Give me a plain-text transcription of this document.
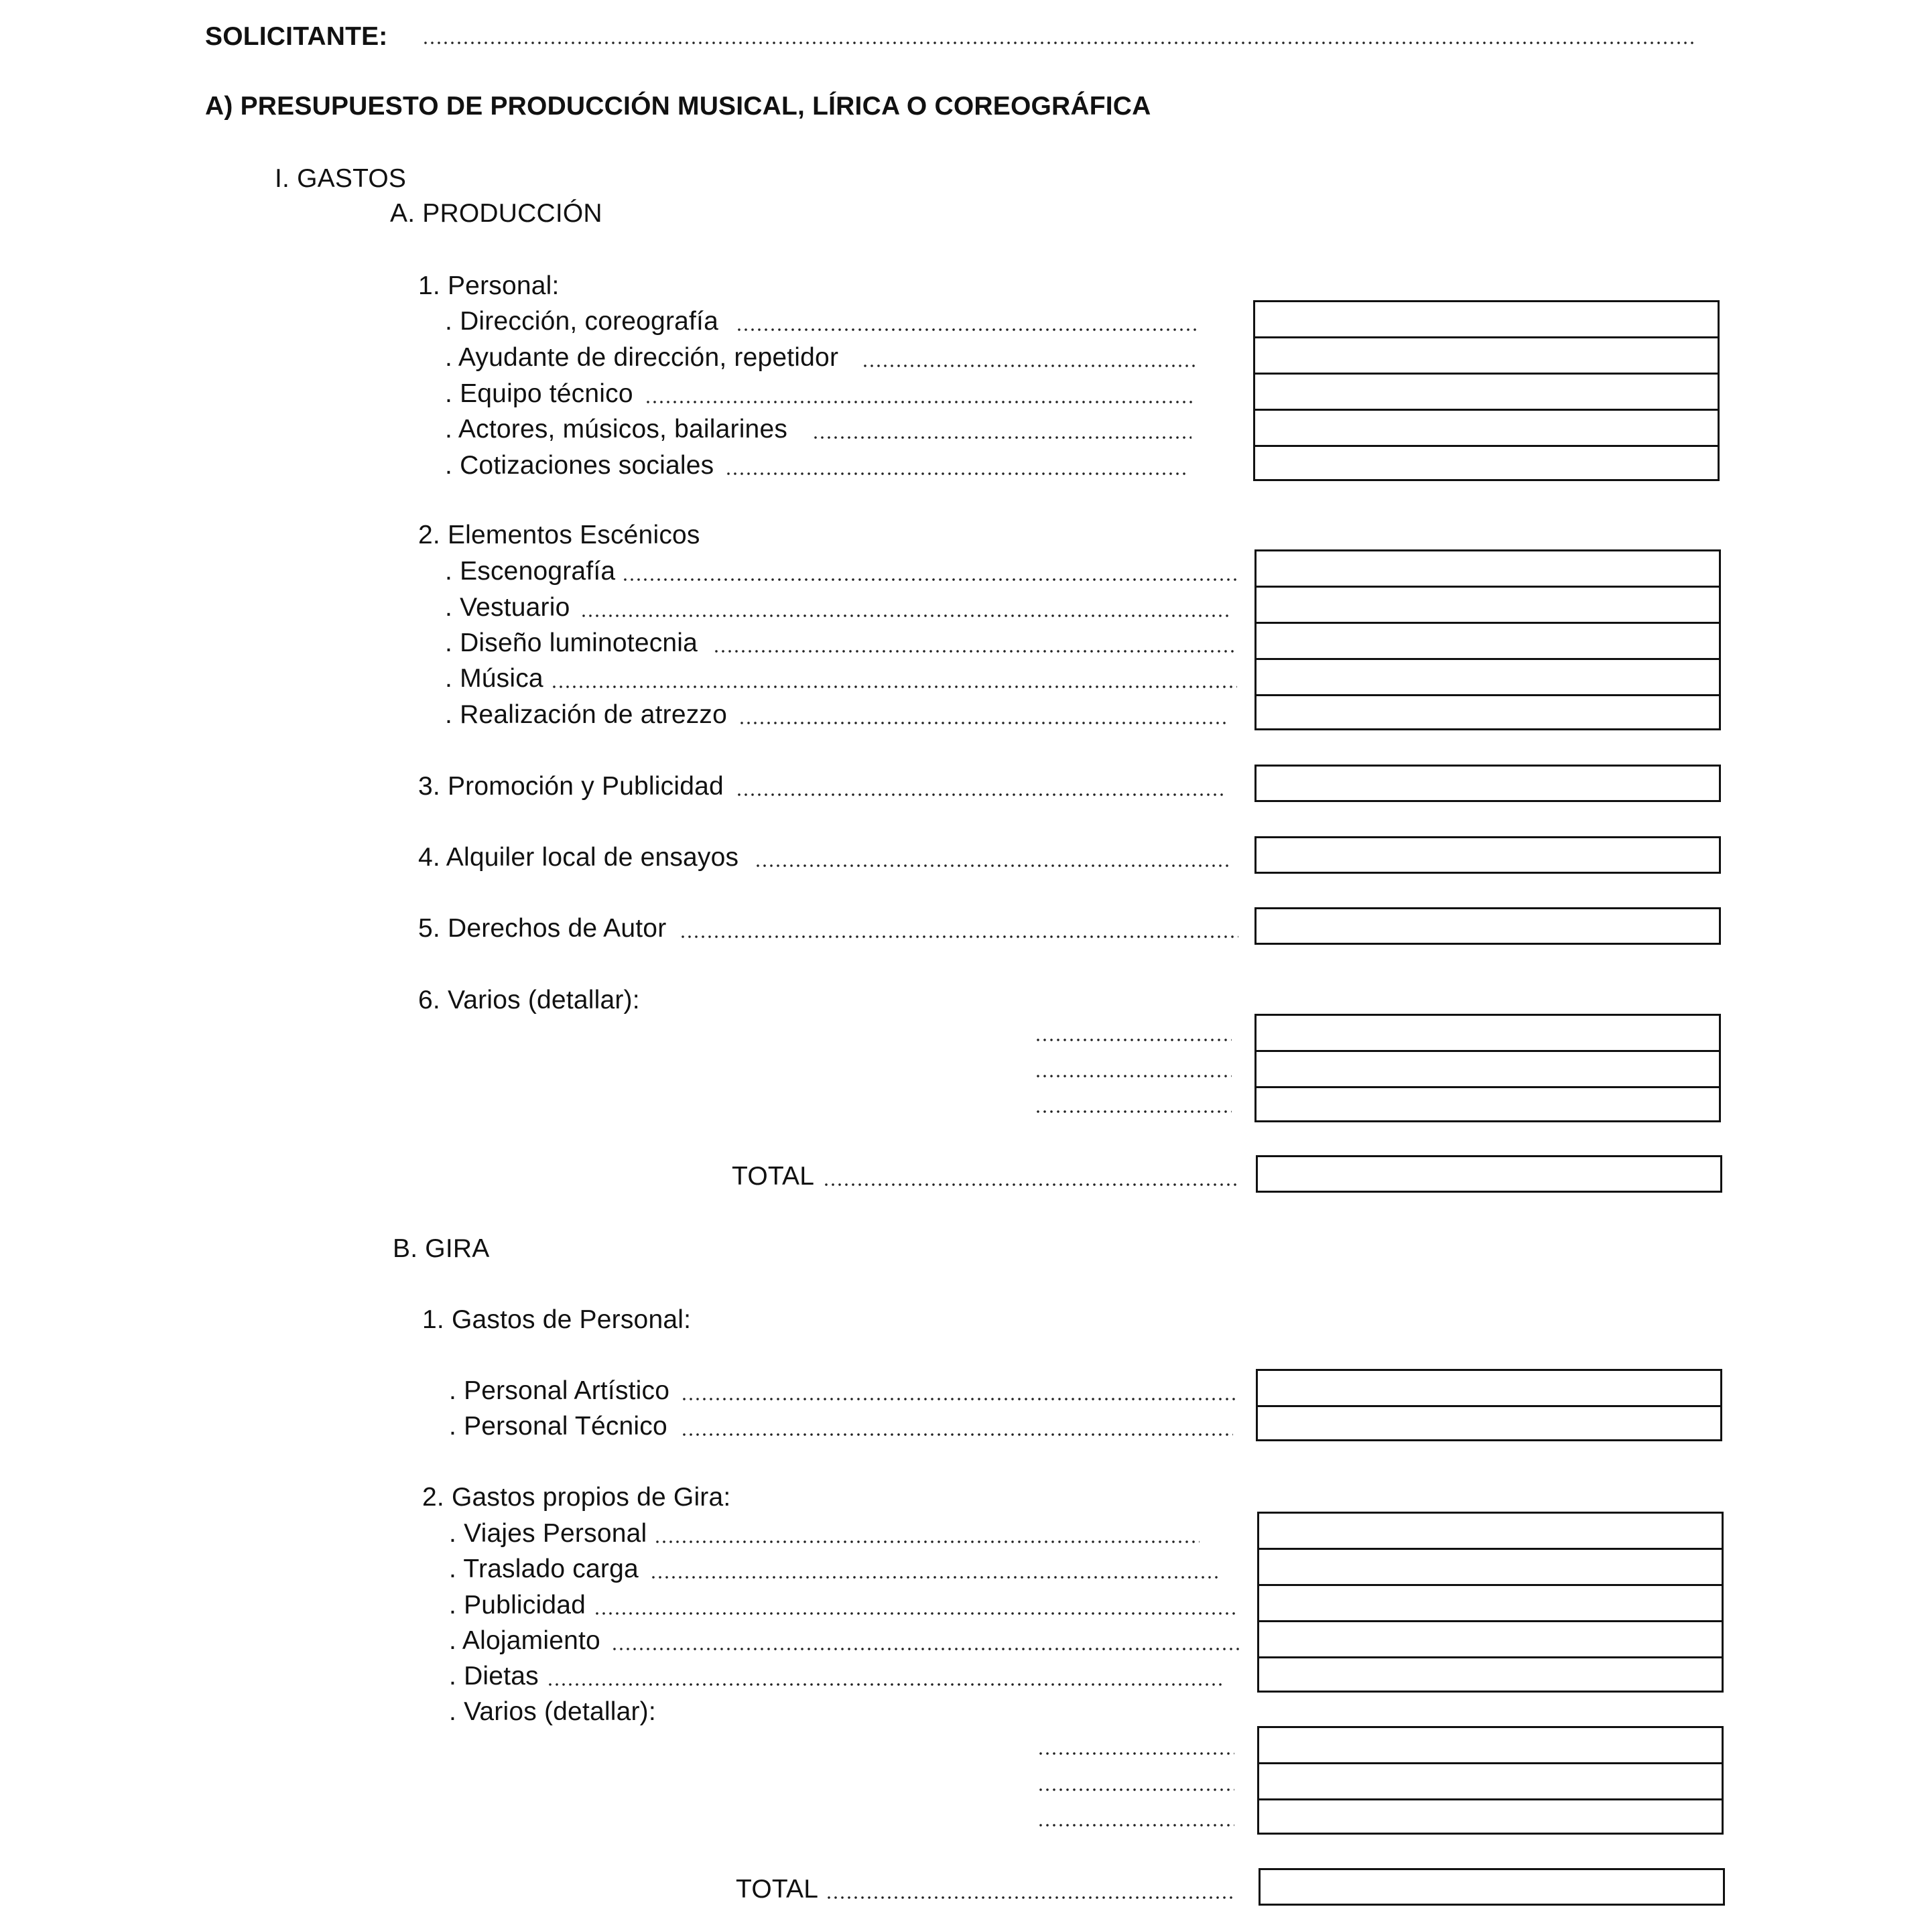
SOLICITANTE:
A) PRESUPUESTO DE PRODUCCIÓN MUSICAL, LÍRICA O COREOGRÁFICA
I. GASTOS
A. PRODUCCIÓN
1. Personal:
. Dirección, coreografía
. Ayudante de dirección, repetidor
. Equipo técnico
. Actores, músicos, bailarines
. Cotizaciones sociales
2. Elementos Escénicos
. Escenografía
. Vestuario
. Diseño luminotecnia
. Música
. Realización de atrezzo
3. Promoción y Publicidad
4. Alquiler local de ensayos
5. Derechos de Autor
6. Varios (detallar):
TOTAL
B. GIRA
1. Gastos de Personal:
. Personal Artístico
. Personal Técnico
2. Gastos propios de Gira:
. Viajes Personal
. Traslado carga
. Publicidad
. Alojamiento
. Dietas
. Varios (detallar):
TOTAL
